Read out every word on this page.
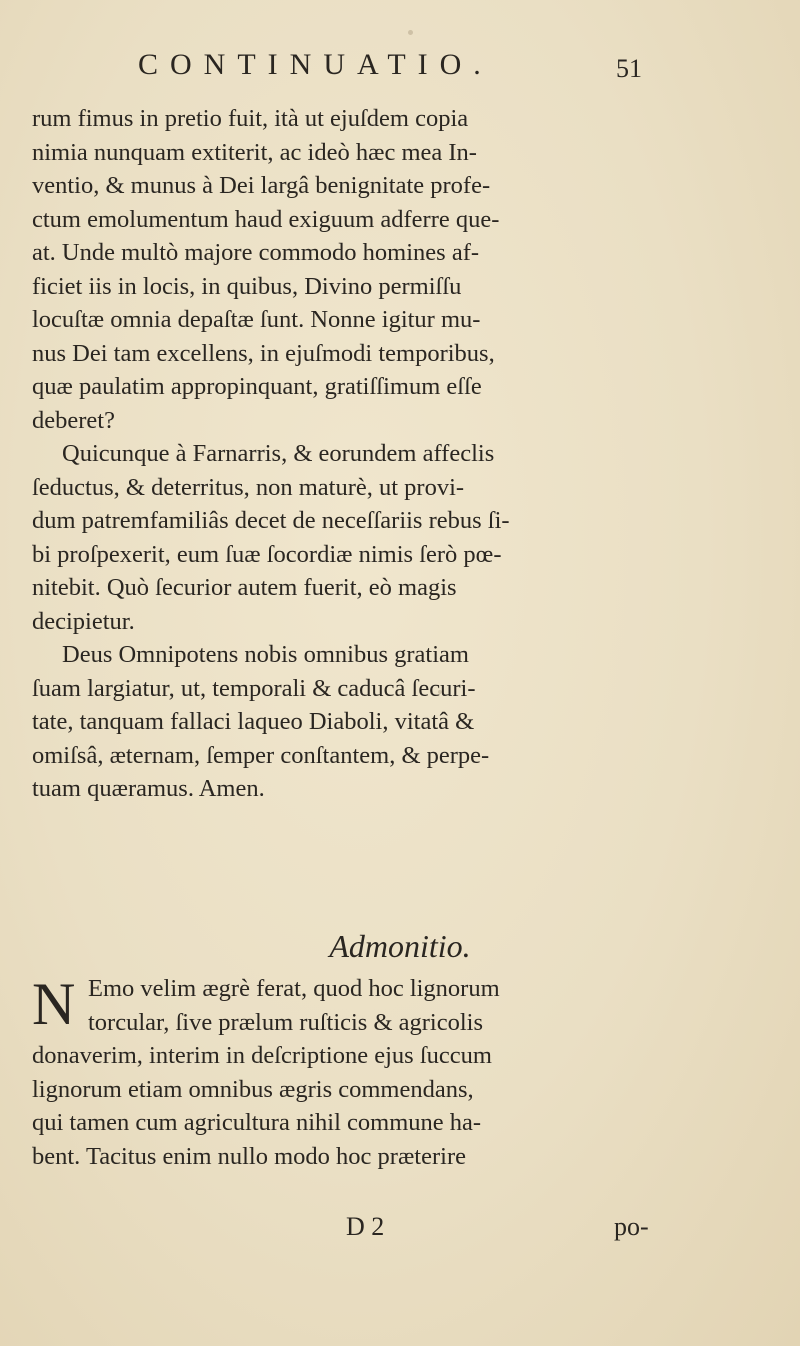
CONTINUATIO.	51

rum fimus in pretio fuit, ità ut ejuſdem copia
nimia nunquam extiterit, ac ideò hæc mea In-
ventio, & munus à Dei largâ benignitate profe-
ctum emolumentum haud exiguum adferre que-
at. Unde multò majore commodo homines af-
ficiet iis in locis, in quibus, Divino permiſſu
locuſtæ omnia depaſtæ ſunt. Nonne igitur mu-
nus Dei tam excellens, in ejuſmodi temporibus,
quæ paulatim appropinquant, gratiſſimum eſſe
deberet?

Quicunque à Farnarris, & eorundem affeclis
ſeductus, & deterritus, non maturè, ut provi-
dum patremfamiliâs decet de neceſſariis rebus ſi-
bi proſpexerit, eum ſuæ ſocordiæ nimis ſerò pœ-
nitebit. Quò ſecurior autem fuerit, eò magis
decipietur.

Deus Omnipotens nobis omnibus gratiam
ſuam largiatur, ut, temporali & caducâ ſecuri-
tate, tanquam fallaci laqueo Diaboli, vitatâ &
omiſsâ, æternam, ſemper conſtantem, & perpe-
tuam quæramus. Amen.

Admonitio.
N Emo velim ægrè ferat, quod hoc lignorum
torcular, ſive prælum ruſticis & agricolis
donaverim, interim in deſcriptione ejus ſuccum
lignorum etiam omnibus ægris commendans,
qui tamen cum agricultura nihil commune ha-
bent. Tacitus enim nullo modo hoc præterire
D 2	po-
